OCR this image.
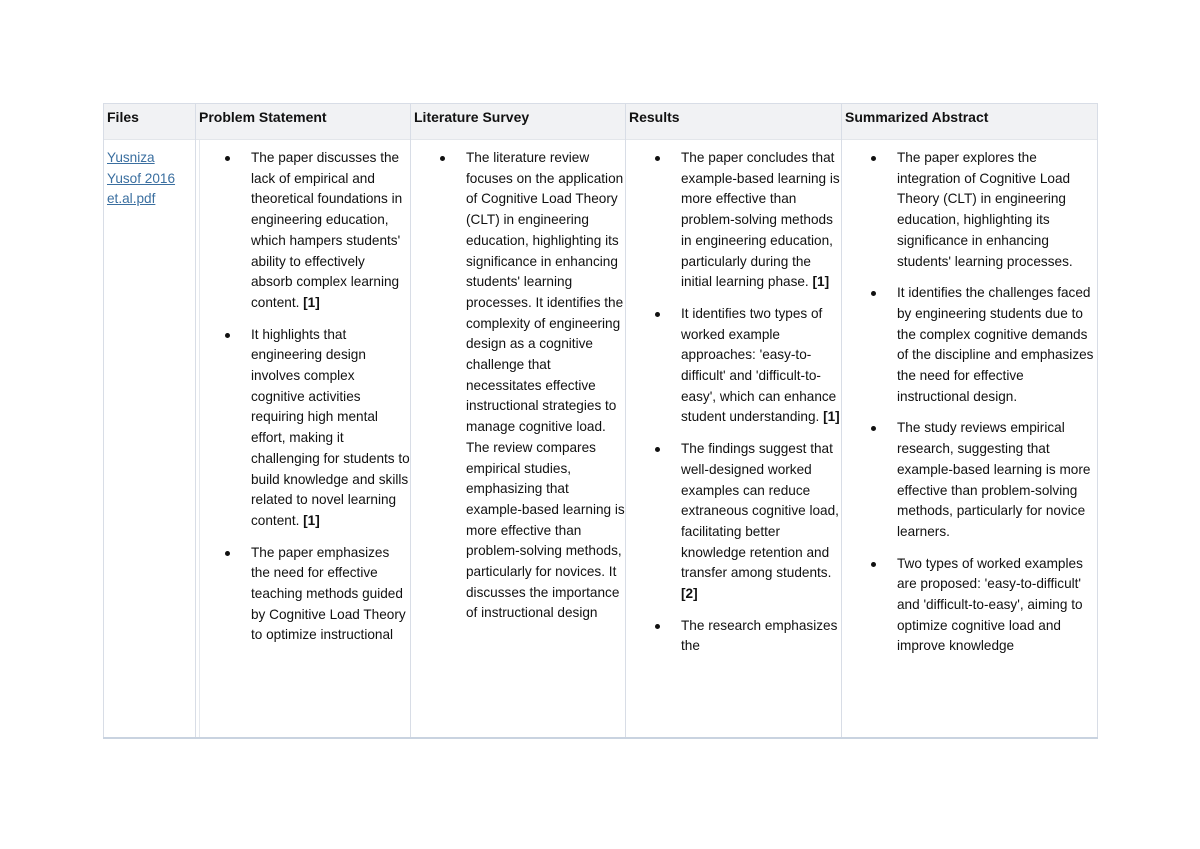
Files
Yusniza Yusof 2016 et.al.pdf
Problem Statement
The paper discusses the lack of empirical and theoretical foundations in engineering education, which hampers students' ability to effectively absorb complex learning content. [1]
It highlights that engineering design involves complex cognitive activities requiring high mental effort, making it challenging for students to build knowledge and skills related to novel learning content. [1]
The paper emphasizes the need for effective teaching methods guided by Cognitive Load Theory to optimize instructional
Literature Survey
The literature review focuses on the application of Cognitive Load Theory (CLT) in engineering education, highlighting its significance in enhancing students' learning processes. It identifies the complexity of engineering design as a cognitive challenge that necessitates effective instructional strategies to manage cognitive load. The review compares empirical studies, emphasizing that example-based learning is more effective than problem-solving methods, particularly for novices. It discusses the importance of instructional design
Results
The paper concludes that example-based learning is more effective than problem-solving methods in engineering education, particularly during the initial learning phase. [1]
It identifies two types of worked example approaches: 'easy-to-difficult' and 'difficult-to-easy', which can enhance student understanding. [1]
The findings suggest that well-designed worked examples can reduce extraneous cognitive load, facilitating better knowledge retention and transfer among students. [2]
The research emphasizes the
Summarized Abstract
The paper explores the integration of Cognitive Load Theory (CLT) in engineering education, highlighting its significance in enhancing students' learning processes.
It identifies the challenges faced by engineering students due to the complex cognitive demands of the discipline and emphasizes the need for effective instructional design.
The study reviews empirical research, suggesting that example-based learning is more effective than problem-solving methods, particularly for novice learners.
Two types of worked examples are proposed: 'easy-to-difficult' and 'difficult-to-easy', aiming to optimize cognitive load and improve knowledge
